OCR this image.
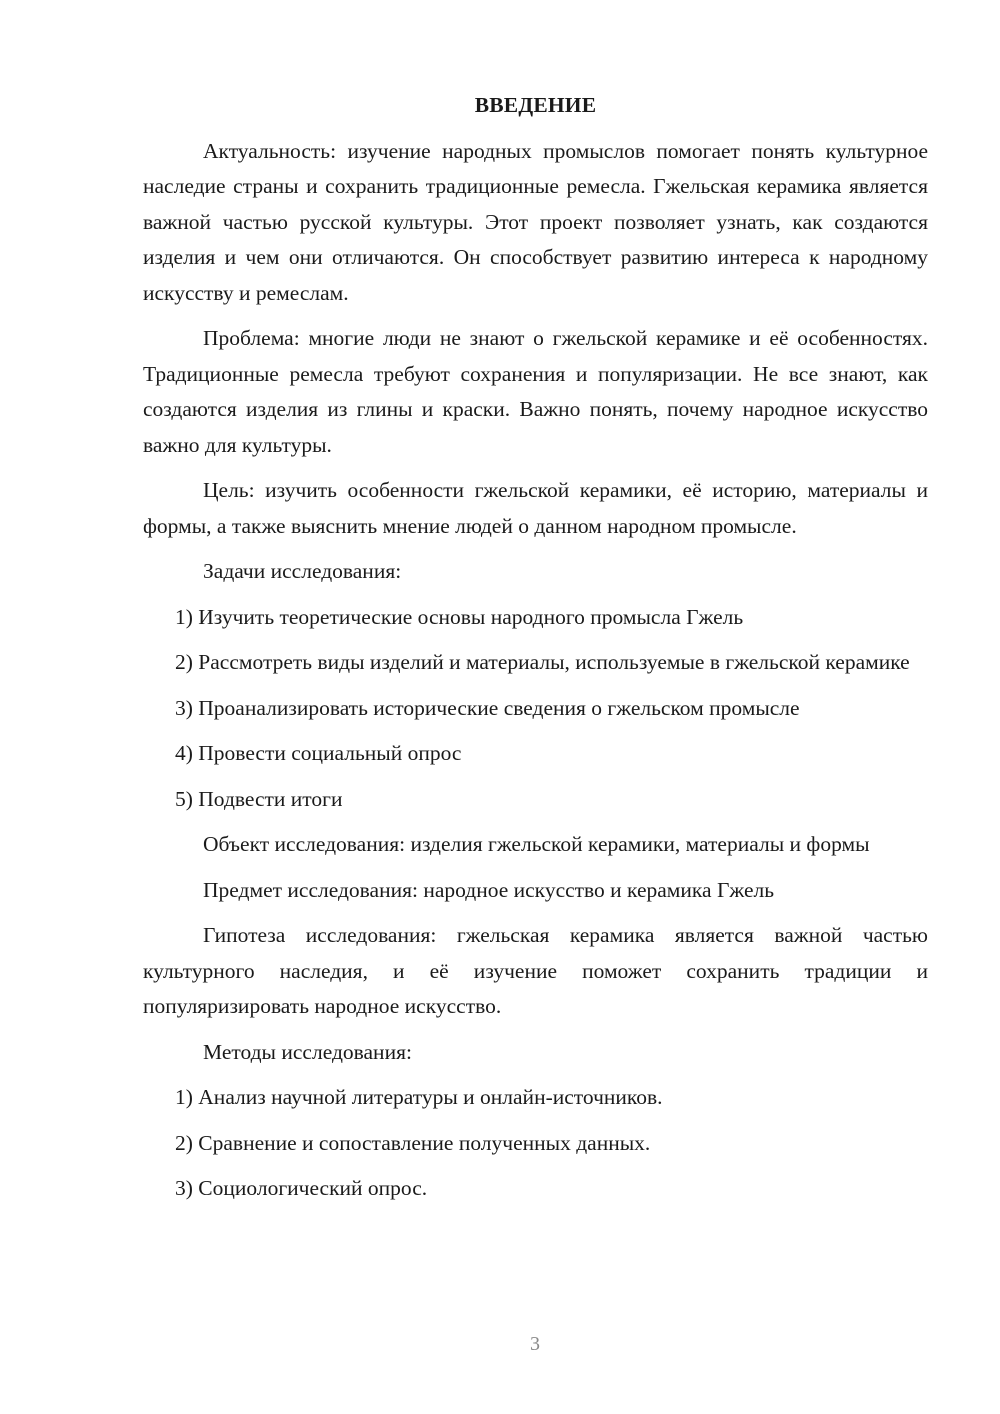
ВВЕДЕНИЕ

Актуальность: изучение народных промыслов помогает понять культурное наследие страны и сохранить традиционные ремесла. Гжельская керамика является важной частью русской культуры. Этот проект позволяет узнать, как создаются изделия и чем они отличаются. Он способствует развитию интереса к народному искусству и ремеслам.

Проблема: многие люди не знают о гжельской керамике и её особенностях. Традиционные ремесла требуют сохранения и популяризации. Не все знают, как создаются изделия из глины и краски. Важно понять, почему народное искусство важно для культуры.

Цель: изучить особенности гжельской керамики, её историю, материалы и формы, а также выяснить мнение людей о данном народном промысле.

Задачи исследования:

1) Изучить теоретические основы народного промысла Гжель

2) Рассмотреть виды изделий и материалы, используемые в гжельской керамике

3) Проанализировать исторические сведения о гжельском промысле

4) Провести социальный опрос

5) Подвести итоги

Объект исследования: изделия гжельской керамики, материалы и формы

Предмет исследования: народное искусство и керамика Гжель

Гипотеза исследования: гжельская керамика является важной частью культурного наследия, и её изучение поможет сохранить традиции и популяризировать народное искусство.

Методы исследования:

1) Анализ научной литературы и онлайн-источников.

2) Сравнение и сопоставление полученных данных.

3) Социологический опрос.

3
